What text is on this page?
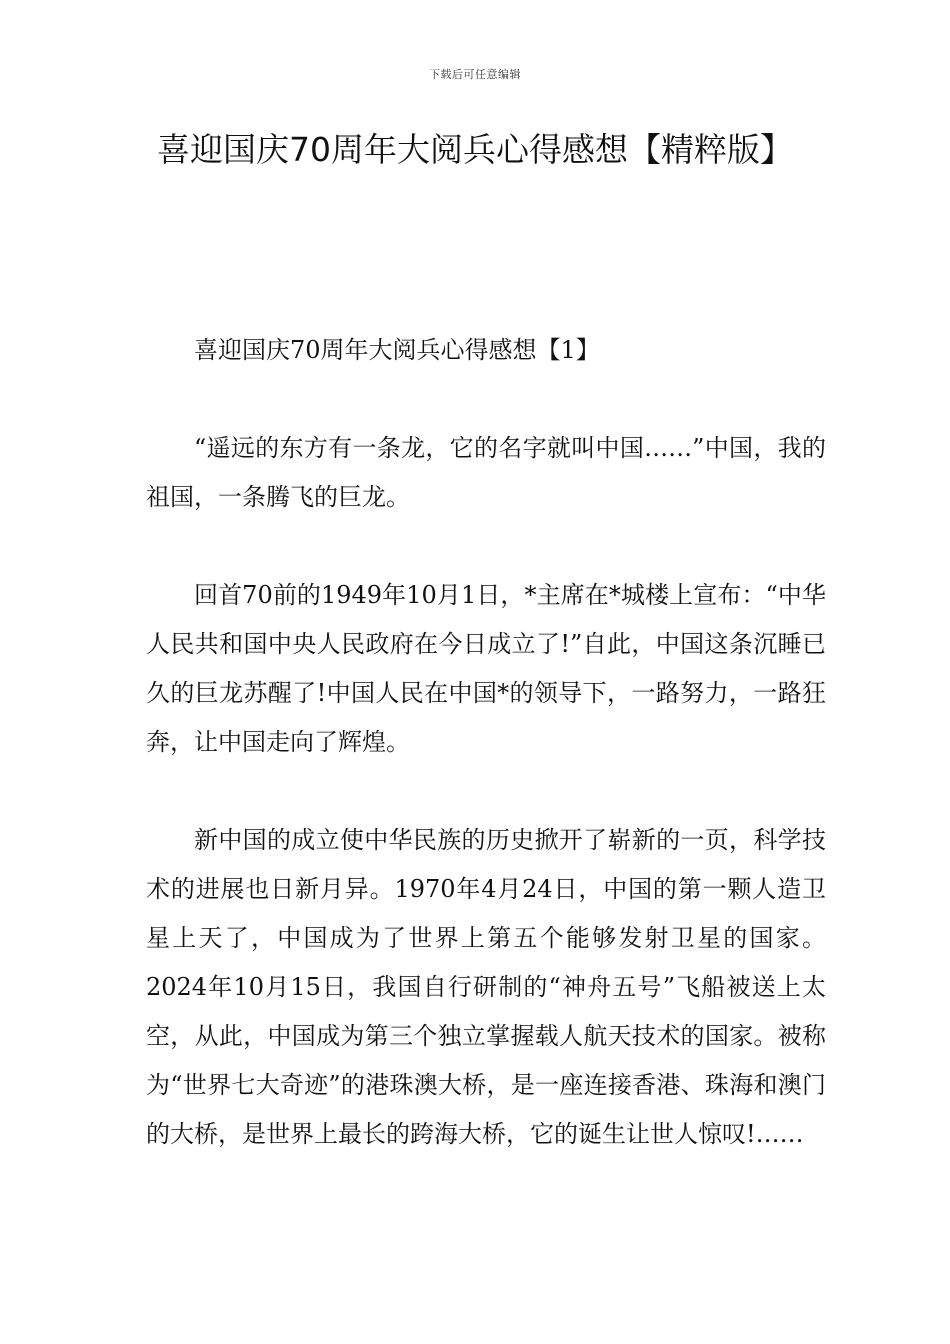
下载后可任意编辑
喜迎国庆70周年大阅兵心得感想【精粹版】

喜迎国庆70周年大阅兵心得感想【1】

“遥远的东方有一条龙，它的名字就叫中国……”中国，我的祖国，一条腾飞的巨龙。

回首70前的1949年10月1日，*主席在*城楼上宣布：“中华人民共和国中央人民政府在今日成立了!”自此，中国这条沉睡已久的巨龙苏醒了!中国人民在中国*的领导下，一路努力，一路狂奔，让中国走向了辉煌。

新中国的成立使中华民族的历史掀开了崭新的一页，科学技术的进展也日新月异。1970年4月24日，中国的第一颗人造卫星上天了，中国成为了世界上第五个能够发射卫星的国家。2024年10月15日，我国自行研制的“神舟五号”飞船被送上太空，从此，中国成为第三个独立掌握载人航天技术的国家。被称为“世界七大奇迹”的港珠澳大桥，是一座连接香港、珠海和澳门的大桥，是世界上最长的跨海大桥，它的诞生让世人惊叹!……
